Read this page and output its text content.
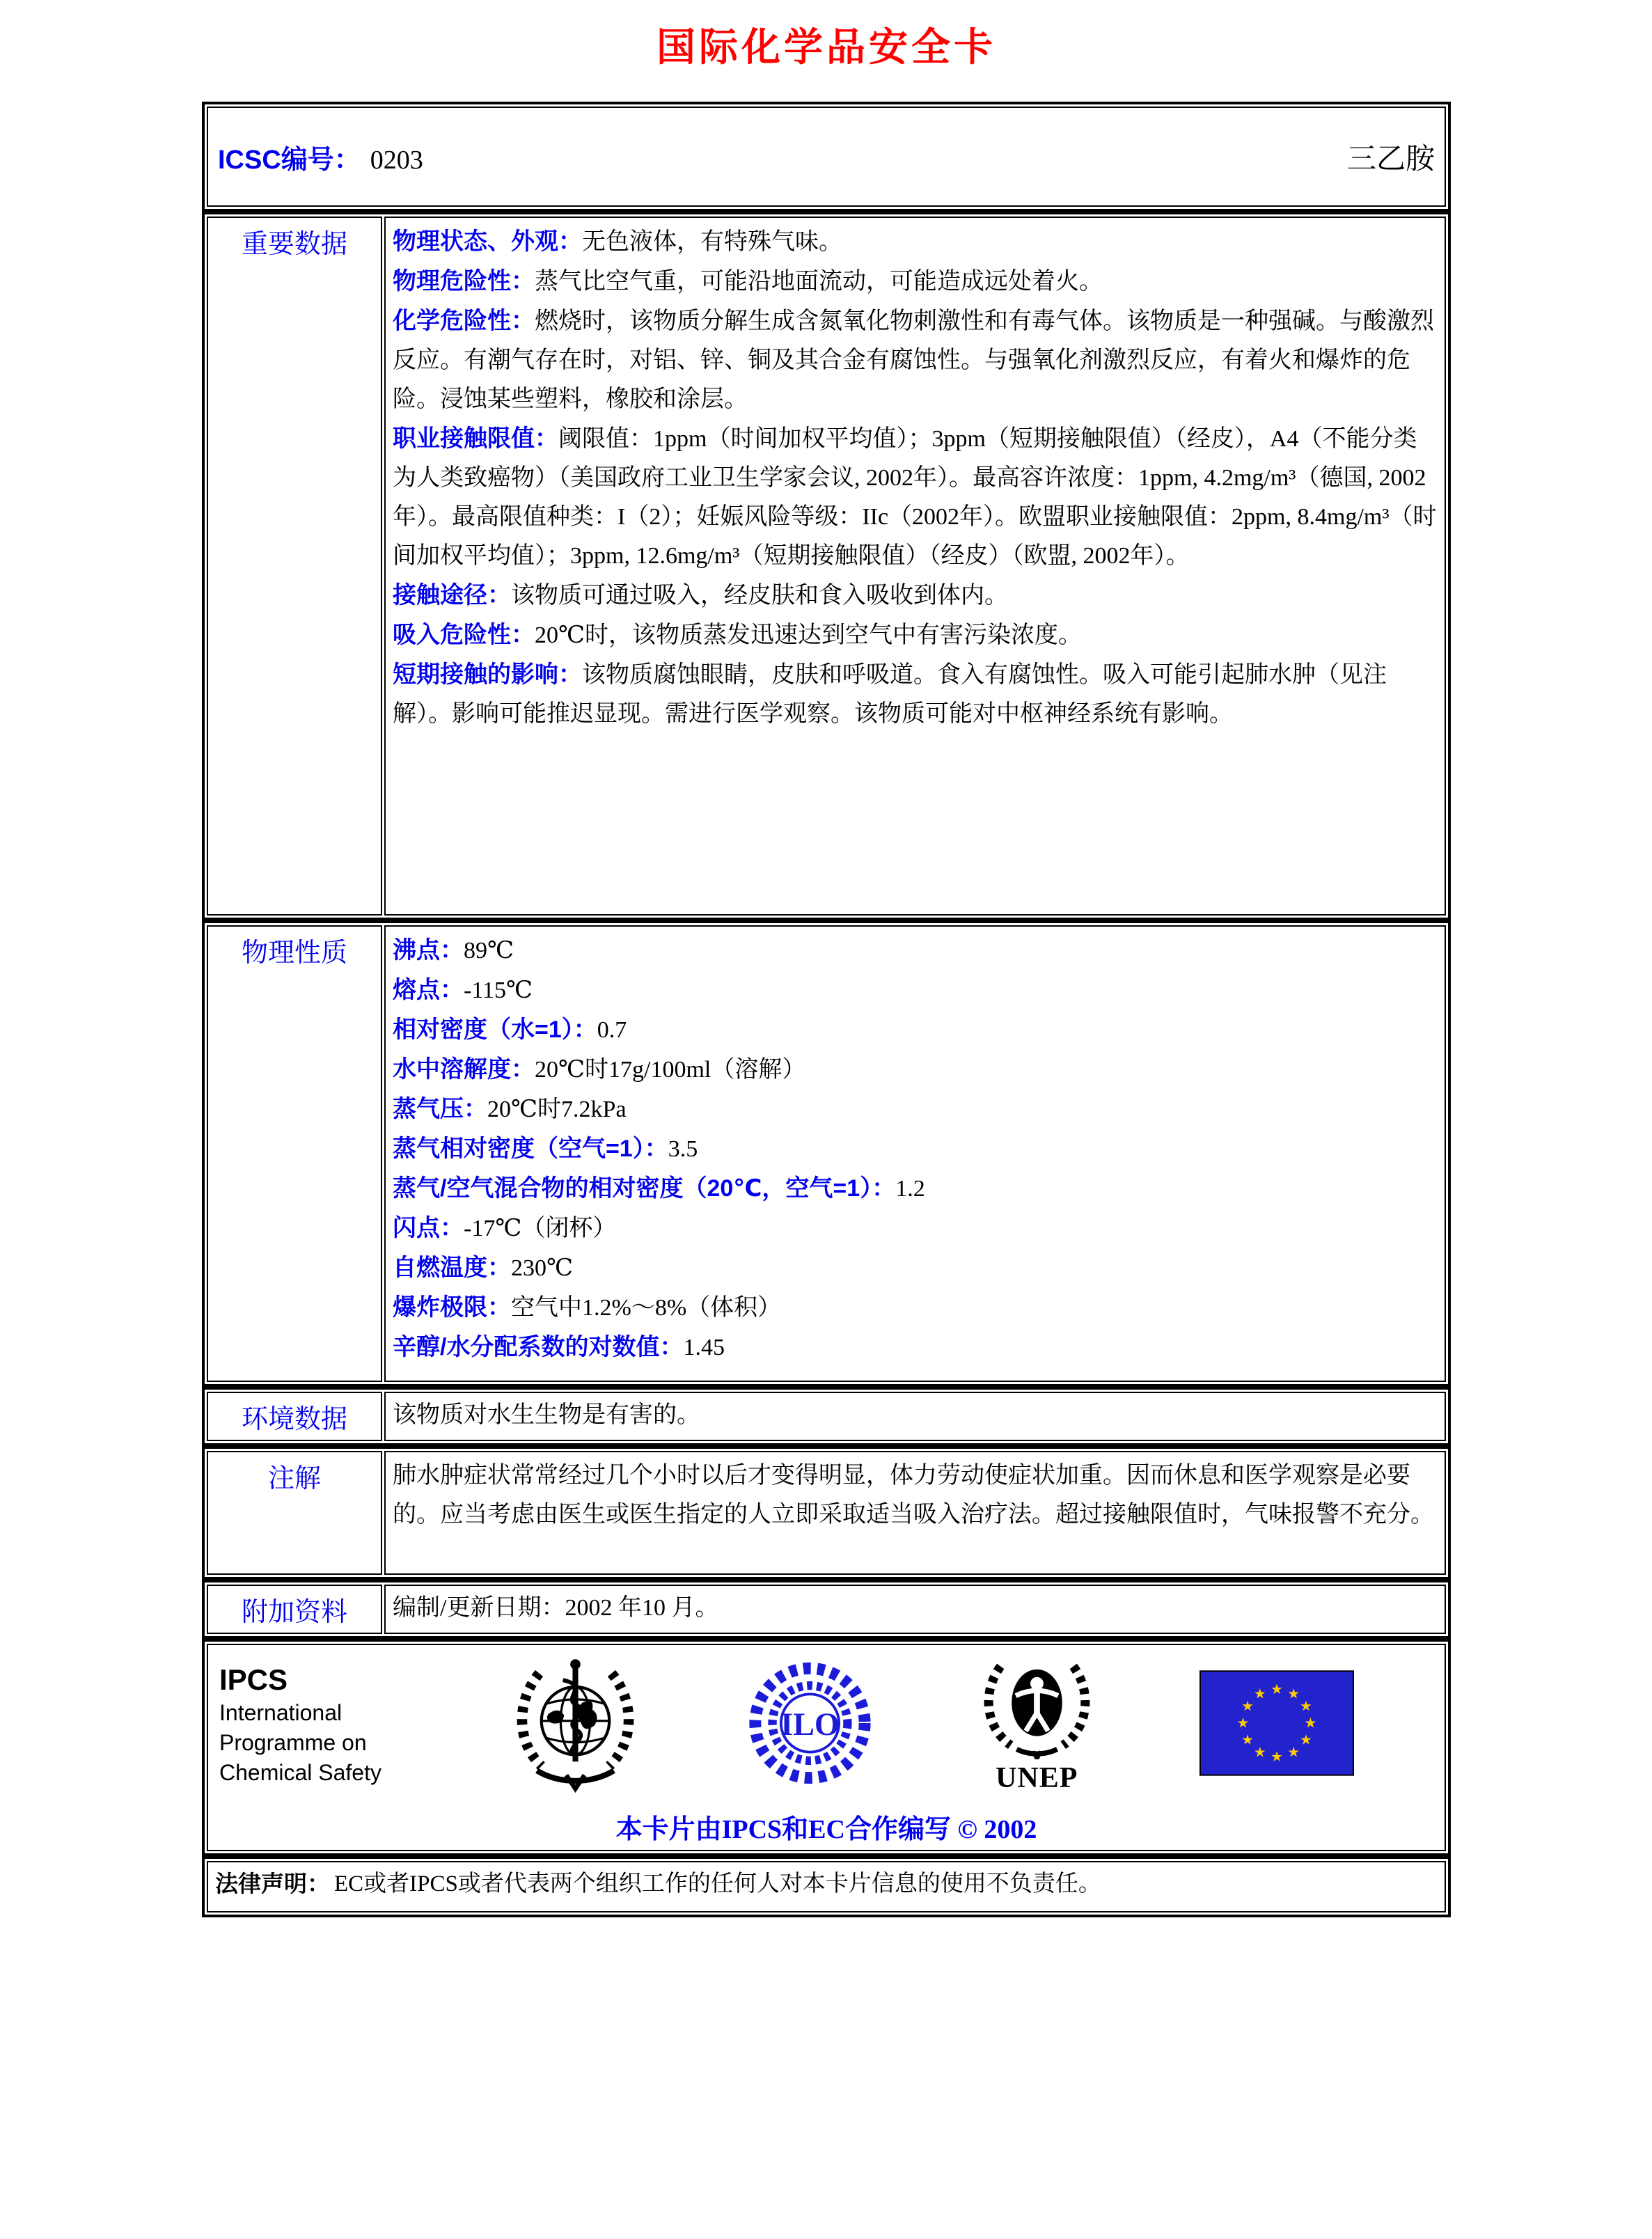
国际化学品安全卡
ICSC编号： 0203	三乙胺
重要数据	物理状态、外观：无色液体，有特殊气味。
物理危险性：蒸气比空气重，可能沿地面流动，可能造成远处着火。
化学危险性：燃烧时，该物质分解生成含氮氧化物刺激性和有毒气体。该物质是一种强碱。与酸激烈反应。有潮气存在时，对铝、锌、铜及其合金有腐蚀性。与强氧化剂激烈反应，有着火和爆炸的危险。浸蚀某些塑料，橡胶和涂层。
职业接触限值：阈限值：1ppm（时间加权平均值）；3ppm（短期接触限值）（经皮），A4（不能分类为人类致癌物）（美国政府工业卫生学家会议, 2002年）。最高容许浓度：1ppm, 4.2mg/m³（德国, 2002年）。最高限值种类：I（2）；妊娠风险等级：IIc（2002年）。欧盟职业接触限值：2ppm, 8.4mg/m³（时间加权平均值）；3ppm, 12.6mg/m³（短期接触限值）（经皮）（欧盟, 2002年）。
接触途径：该物质可通过吸入，经皮肤和食入吸收到体内。
吸入危险性：20℃时，该物质蒸发迅速达到空气中有害污染浓度。
短期接触的影响：该物质腐蚀眼睛，皮肤和呼吸道。食入有腐蚀性。吸入可能引起肺水肿（见注解）。影响可能推迟显现。需进行医学观察。该物质可能对中枢神经系统有影响。
物理性质	沸点：89℃
熔点：-115℃
相对密度（水=1）：0.7
水中溶解度：20℃时17g/100ml（溶解）
蒸气压：20℃时7.2kPa
蒸气相对密度（空气=1）：3.5
蒸气/空气混合物的相对密度（20℃，空气=1）：1.2
闪点：-17℃（闭杯）
自燃温度：230℃
爆炸极限：空气中1.2%～8%（体积）
辛醇/水分配系数的对数值：1.45
环境数据	该物质对水生生物是有害的。
注解	肺水肿症状常常经过几个小时以后才变得明显，体力劳动使症状加重。因而休息和医学观察是必要的。应当考虑由医生或医生指定的人立即采取适当吸入治疗法。超过接触限值时，气味报警不充分。
附加资料	编制/更新日期：2002 年10 月。
IPCS
International
Programme on
Chemical Safety
ILO
UNEP
本卡片由IPCS和EC合作编写 © 2002
法律声明： EC或者IPCS或者代表两个组织工作的任何人对本卡片信息的使用不负责任。
